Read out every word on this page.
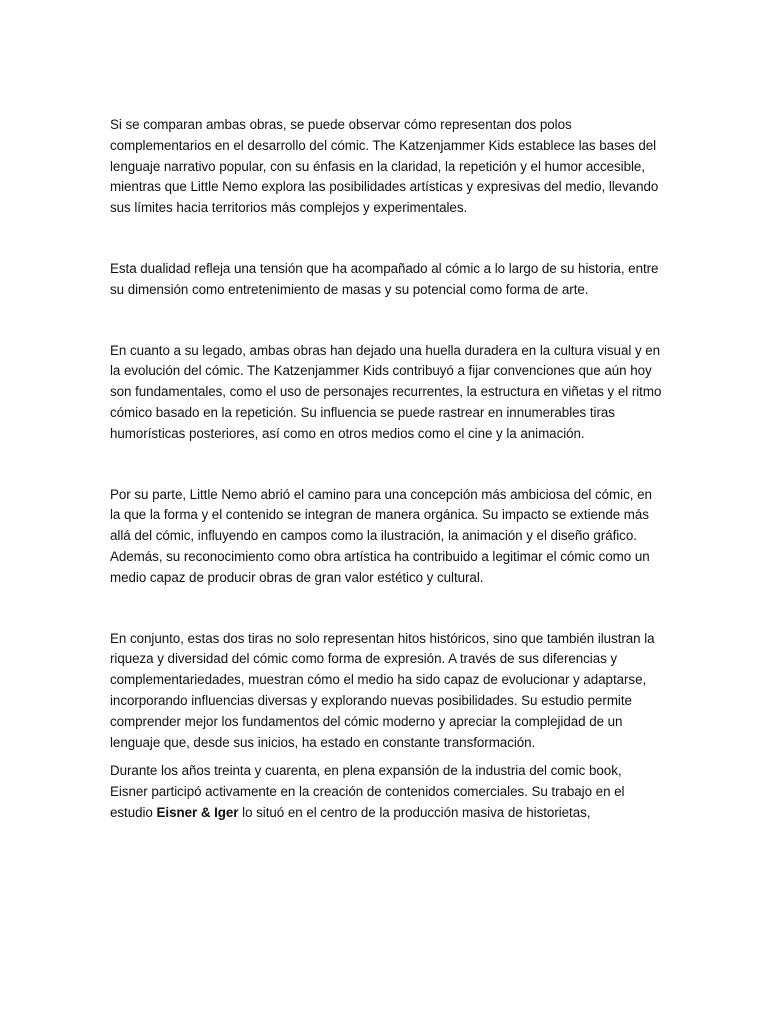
Si se comparan ambas obras, se puede observar cómo representan dos polos complementarios en el desarrollo del cómic. The Katzenjammer Kids establece las bases del lenguaje narrativo popular, con su énfasis en la claridad, la repetición y el humor accesible, mientras que Little Nemo explora las posibilidades artísticas y expresivas del medio, llevando sus límites hacia territorios más complejos y experimentales.

Esta dualidad refleja una tensión que ha acompañado al cómic a lo largo de su historia, entre su dimensión como entretenimiento de masas y su potencial como forma de arte.

En cuanto a su legado, ambas obras han dejado una huella duradera en la cultura visual y en la evolución del cómic. The Katzenjammer Kids contribuyó a fijar convenciones que aún hoy son fundamentales, como el uso de personajes recurrentes, la estructura en viñetas y el ritmo cómico basado en la repetición. Su influencia se puede rastrear en innumerables tiras humorísticas posteriores, así como en otros medios como el cine y la animación.

Por su parte, Little Nemo abrió el camino para una concepción más ambiciosa del cómic, en la que la forma y el contenido se integran de manera orgánica. Su impacto se extiende más allá del cómic, influyendo en campos como la ilustración, la animación y el diseño gráfico. Además, su reconocimiento como obra artística ha contribuido a legitimar el cómic como un medio capaz de producir obras de gran valor estético y cultural.

En conjunto, estas dos tiras no solo representan hitos históricos, sino que también ilustran la riqueza y diversidad del cómic como forma de expresión. A través de sus diferencias y complementariedades, muestran cómo el medio ha sido capaz de evolucionar y adaptarse, incorporando influencias diversas y explorando nuevas posibilidades. Su estudio permite comprender mejor los fundamentos del cómic moderno y apreciar la complejidad de un lenguaje que, desde sus inicios, ha estado en constante transformación.

Durante los años treinta y cuarenta, en plena expansión de la industria del comic book, Eisner participó activamente en la creación de contenidos comerciales. Su trabajo en el estudio Eisner & Iger lo situó en el centro de la producción masiva de historietas,
